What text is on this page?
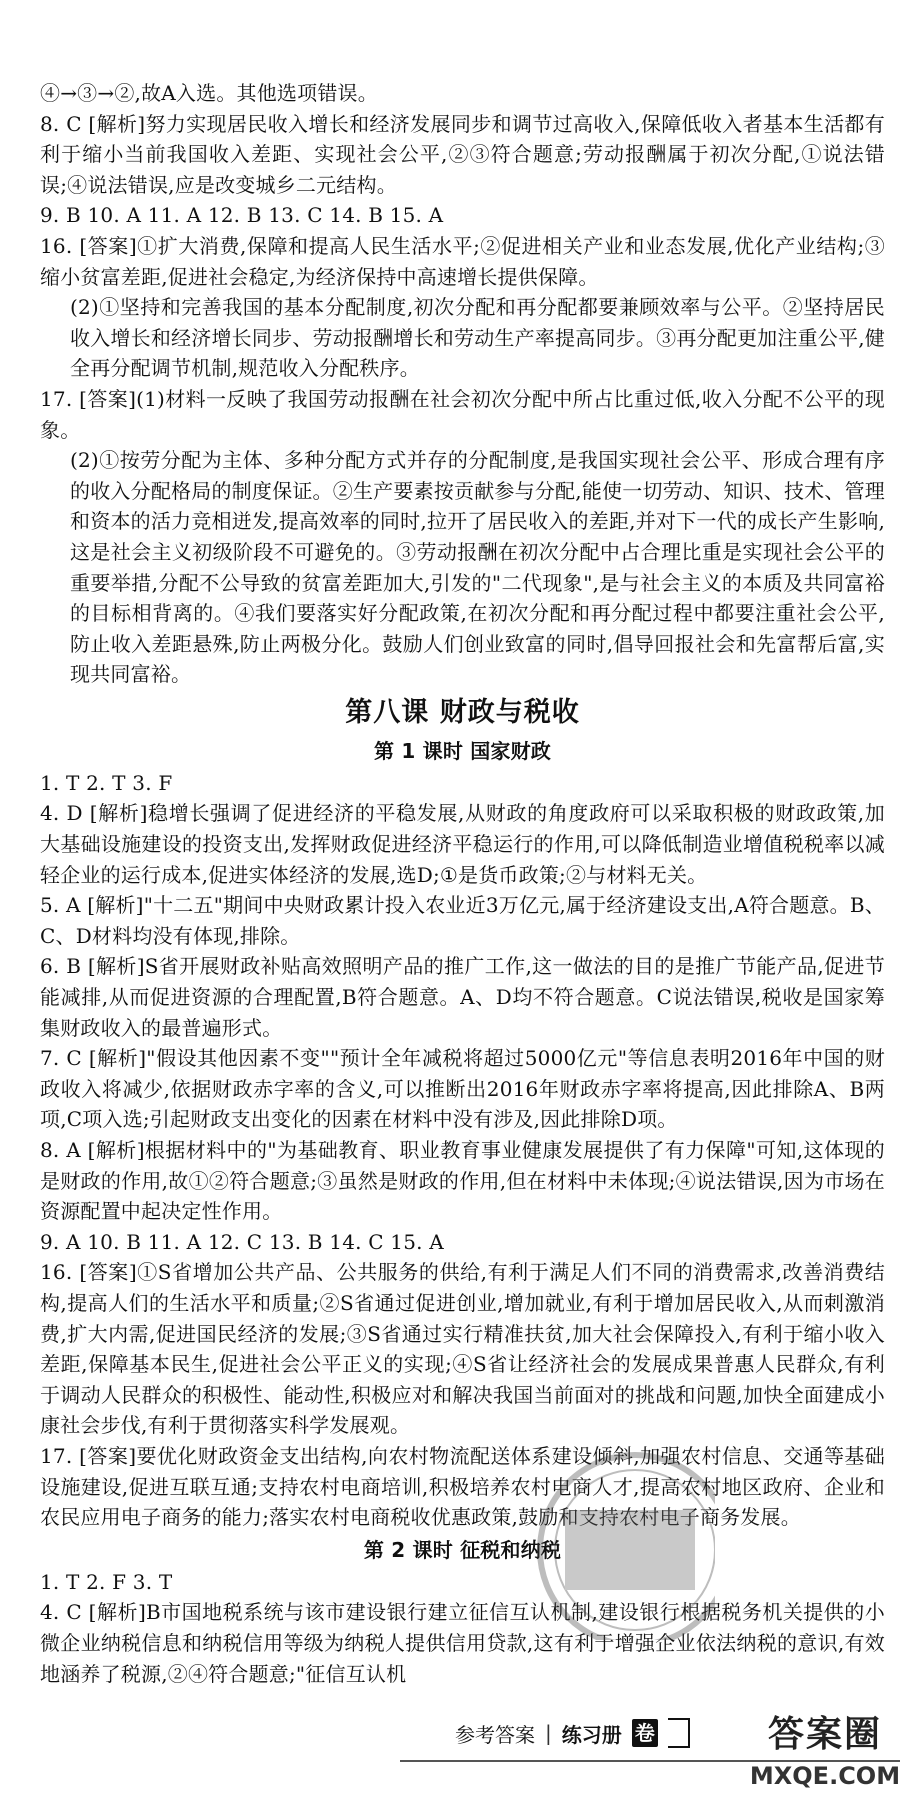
④→③→②,故A入选。其他选项错误。

8. C [解析]努力实现居民收入增长和经济发展同步和调节过高收入,保障低收入者基本生活都有利于缩小当前我国收入差距、实现社会公平,②③符合题意;劳动报酬属于初次分配,①说法错误;④说法错误,应是改变城乡二元结构。

9. B 10. A 11. A 12. B 13. C 14. B 15. A

16. [答案]①扩大消费,保障和提高人民生活水平;②促进相关产业和业态发展,优化产业结构;③缩小贫富差距,促进社会稳定,为经济保持中高速增长提供保障。

(2)①坚持和完善我国的基本分配制度,初次分配和再分配都要兼顾效率与公平。②坚持居民收入增长和经济增长同步、劳动报酬增长和劳动生产率提高同步。③再分配更加注重公平,健全再分配调节机制,规范收入分配秩序。

17. [答案](1)材料一反映了我国劳动报酬在社会初次分配中所占比重过低,收入分配不公平的现象。

(2)①按劳分配为主体、多种分配方式并存的分配制度,是我国实现社会公平、形成合理有序的收入分配格局的制度保证。②生产要素按贡献参与分配,能使一切劳动、知识、技术、管理和资本的活力竞相迸发,提高效率的同时,拉开了居民收入的差距,并对下一代的成长产生影响,这是社会主义初级阶段不可避免的。③劳动报酬在初次分配中占合理比重是实现社会公平的重要举措,分配不公导致的贫富差距加大,引发的"二代现象",是与社会主义的本质及共同富裕的目标相背离的。④我们要落实好分配政策,在初次分配和再分配过程中都要注重社会公平,防止收入差距悬殊,防止两极分化。鼓励人们创业致富的同时,倡导回报社会和先富帮后富,实现共同富裕。

第八课 财政与税收
第 1 课时 国家财政

1. T 2. T 3. F

4. D [解析]稳增长强调了促进经济的平稳发展,从财政的角度政府可以采取积极的财政政策,加大基础设施建设的投资支出,发挥财政促进经济平稳运行的作用,可以降低制造业增值税税率以减轻企业的运行成本,促进实体经济的发展,选D;①是货币政策;②与材料无关。

5. A [解析]"十二五"期间中央财政累计投入农业近3万亿元,属于经济建设支出,A符合题意。B、C、D材料均没有体现,排除。

6. B [解析]S省开展财政补贴高效照明产品的推广工作,这一做法的目的是推广节能产品,促进节能减排,从而促进资源的合理配置,B符合题意。A、D均不符合题意。C说法错误,税收是国家筹集财政收入的最普遍形式。

7. C [解析]"假设其他因素不变""预计全年减税将超过5000亿元"等信息表明2016年中国的财政收入将减少,依据财政赤字率的含义,可以推断出2016年财政赤字率将提高,因此排除A、B两项,C项入选;引起财政支出变化的因素在材料中没有涉及,因此排除D项。

8. A [解析]根据材料中的"为基础教育、职业教育事业健康发展提供了有力保障"可知,这体现的是财政的作用,故①②符合题意;③虽然是财政的作用,但在材料中未体现;④说法错误,因为市场在资源配置中起决定性作用。

9. A 10. B 11. A 12. C 13. B 14. C 15. A

16. [答案]①S省增加公共产品、公共服务的供给,有利于满足人们不同的消费需求,改善消费结构,提高人们的生活水平和质量;②S省通过促进创业,增加就业,有利于增加居民收入,从而刺激消费,扩大内需,促进国民经济的发展;③S省通过实行精准扶贫,加大社会保障投入,有利于缩小收入差距,保障基本民生,促进社会公平正义的实现;④S省让经济社会的发展成果普惠人民群众,有利于调动人民群众的积极性、能动性,积极应对和解决我国当前面对的挑战和问题,加快全面建成小康社会步伐,有利于贯彻落实科学发展观。

17. [答案]要优化财政资金支出结构,向农村物流配送体系建设倾斜,加强农村信息、交通等基础设施建设,促进互联互通;支持农村电商培训,积极培养农村电商人才,提高农村地区政府、企业和农民应用电子商务的能力;落实农村电商税收优惠政策,鼓励和支持农村电子商务发展。

第 2 课时 征税和纳税

1. T 2. F 3. T

4. C [解析]B市国地税系统与该市建设银行建立征信互认机制,建设银行根据税务机关提供的小微企业纳税信息和纳税信用等级为纳税人提供信用贷款,这有利于增强企业依法纳税的意识,有效地涵养了税源,②④符合题意;"征信互认机

参考答案 | 练习册 卷	答案圈
MXQE.COM
